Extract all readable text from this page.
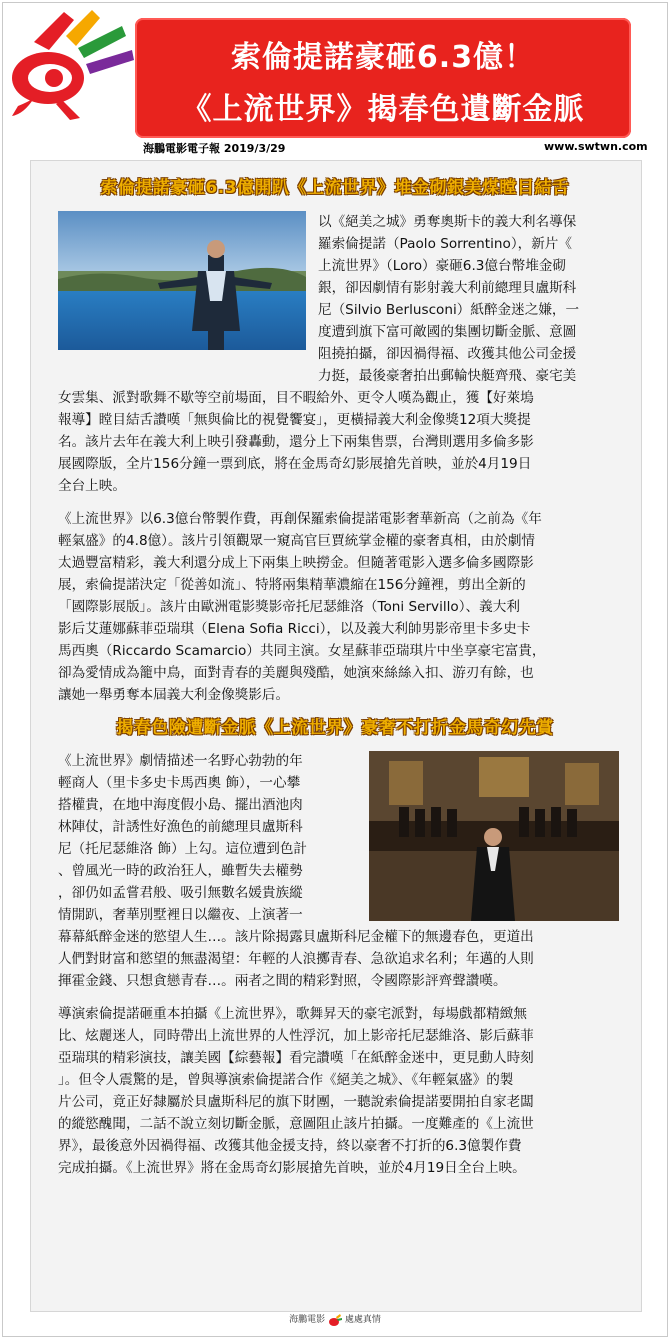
索倫提諾豪砸6.3億！
《上流世界》揭春色遺斷金脈
海鵬電影電子報 2019/3/29	www.swtwn.com
索倫提諾豪砸6.3億開趴《上流世界》堆金砌銀美煤瞠目結舌
以《絕美之城》勇奪奧斯卡的義大利名導保
羅索倫提諾（Paolo Sorrentino），新片《
上流世界》（Loro）豪砸6.3億台幣堆金砌
銀，卻因劇情有影射義大利前總理貝盧斯科
尼（Silvio Berlusconi）紙醉金迷之嫌，一
度遭到旗下富可敵國的集團切斷金脈、意圖
阻撓拍攝，卻因禍得福、改獲其他公司金援
力挺，最後豪奢拍出郵輪快艇齊飛、豪宅美
女雲集、派對歌舞不歇等空前場面，目不暇給外、更令人嘆為觀止，獲【好萊塢
報導】瞠目結舌讚嘆「無與倫比的視覺饗宴」，更橫掃義大利金像獎12項大獎提
名。該片去年在義大利上映引發轟動，還分上下兩集售票，台灣則選用多倫多影
展國際版，全片156分鐘一票到底，將在金馬奇幻影展搶先首映，並於4月19日
全台上映。
《上流世界》以6.3億台幣製作費，再創保羅索倫提諾電影奢華新高（之前為《年
輕氣盛》的4.8億）。該片引領觀眾一窺高官巨賈統掌金權的豪奢真相，由於劇情
太過豐富精彩，義大利還分成上下兩集上映撈金。但隨著電影入選多倫多國際影
展，索倫提諾決定「從善如流」、特將兩集精華濃縮在156分鐘裡，剪出全新的
「國際影展版」。該片由歐洲電影獎影帝托尼瑟維洛（Toni Servillo）、義大利
影后艾蓮娜蘇菲亞瑞琪（Elena Sofia Ricci），以及義大利帥男影帝里卡多史卡
馬西奧（Riccardo Scamarcio）共同主演。女星蘇菲亞瑞琪片中坐享豪宅富貴，
卻為愛情成為籠中鳥，面對青春的美麗與殘酷，她演來絲絲入扣、游刃有餘，也
讓她一舉勇奪本屆義大利金像獎影后。
揭春色險遭斷金脈《上流世界》豪奢不打折金馬奇幻先賞
《上流世界》劇情描述一名野心勃勃的年
輕商人（里卡多史卡馬西奧 飾），一心攀
搭權貴，在地中海度假小島、擺出酒池肉
林陣仗，計誘性好漁色的前總理貝盧斯科
尼（托尼瑟維洛 飾）上勾。這位遭到色計
、曾風光一時的政治狂人，雖暫失去權勢
，卻仍如孟嘗君般、吸引無數名媛貴族縱
情開趴，奢華別墅裡日以繼夜、上演著一
幕幕紙醉金迷的慾望人生…。該片除揭露貝盧斯科尼金權下的無邊春色，更道出
人們對財富和慾望的無盡渴望：年輕的人浪擲青春、急欲追求名利；年邁的人則
揮霍金錢、只想貪戀青春…。兩者之間的精彩對照，令國際影評齊聲讚嘆。
導演索倫提諾砸重本拍攝《上流世界》，歌舞昇天的豪宅派對，每場戲都精緻無
比、炫麗迷人，同時帶出上流世界的人性浮沉，加上影帝托尼瑟維洛、影后蘇菲
亞瑞琪的精彩演技，讓美國【綜藝報】看完讚嘆「在紙醉金迷中，更見動人時刻
」。但令人震驚的是，曾與導演索倫提諾合作《絕美之城》、《年輕氣盛》的製
片公司，竟正好隸屬於貝盧斯科尼的旗下財團，一聽說索倫提諾要開拍自家老闆
的縱慾醜聞，二話不說立刻切斷金脈，意圖阻止該片拍攝。一度難產的《上流世
界》，最後意外因禍得福、改獲其他金援支持，終以豪奢不打折的6.3億製作費
完成拍攝。《上流世界》將在金馬奇幻影展搶先首映，並於4月19日全台上映。
海鵬電影 處處真情
